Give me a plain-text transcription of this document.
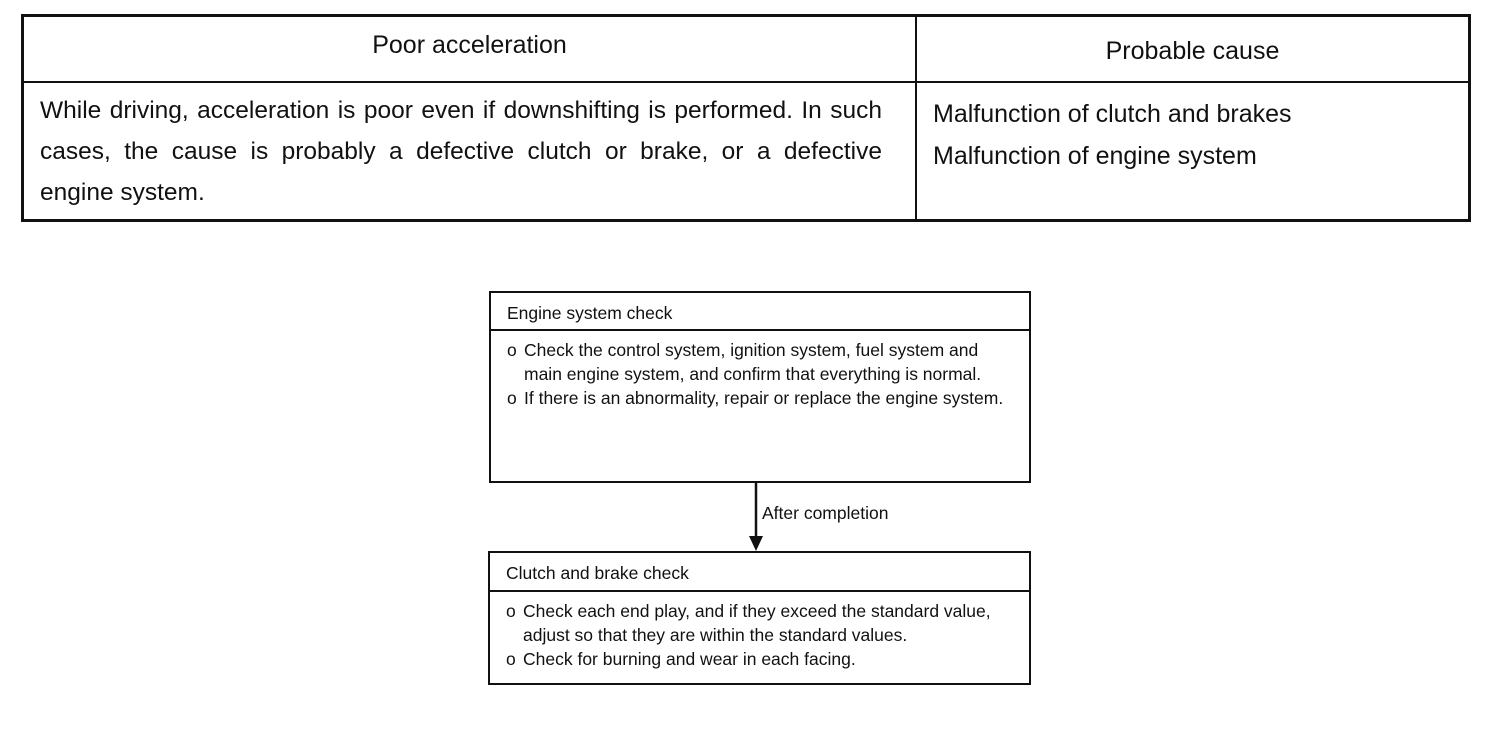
Poor acceleration	Probable cause
While driving, acceleration is poor even if downshifting is performed. In such cases, the cause is probably a defective clutch or brake, or a defective engine system.
Malfunction of clutch and brakes
Malfunction of engine system
Engine system check
o Check the control system, ignition system, fuel system and main engine system, and confirm that everything is normal.
o If there is an abnormality, repair or replace the engine system.
After completion
Clutch and brake check
o Check each end play, and if they exceed the standard value, adjust so that they are within the standard values.
o Check for burning and wear in each facing.
